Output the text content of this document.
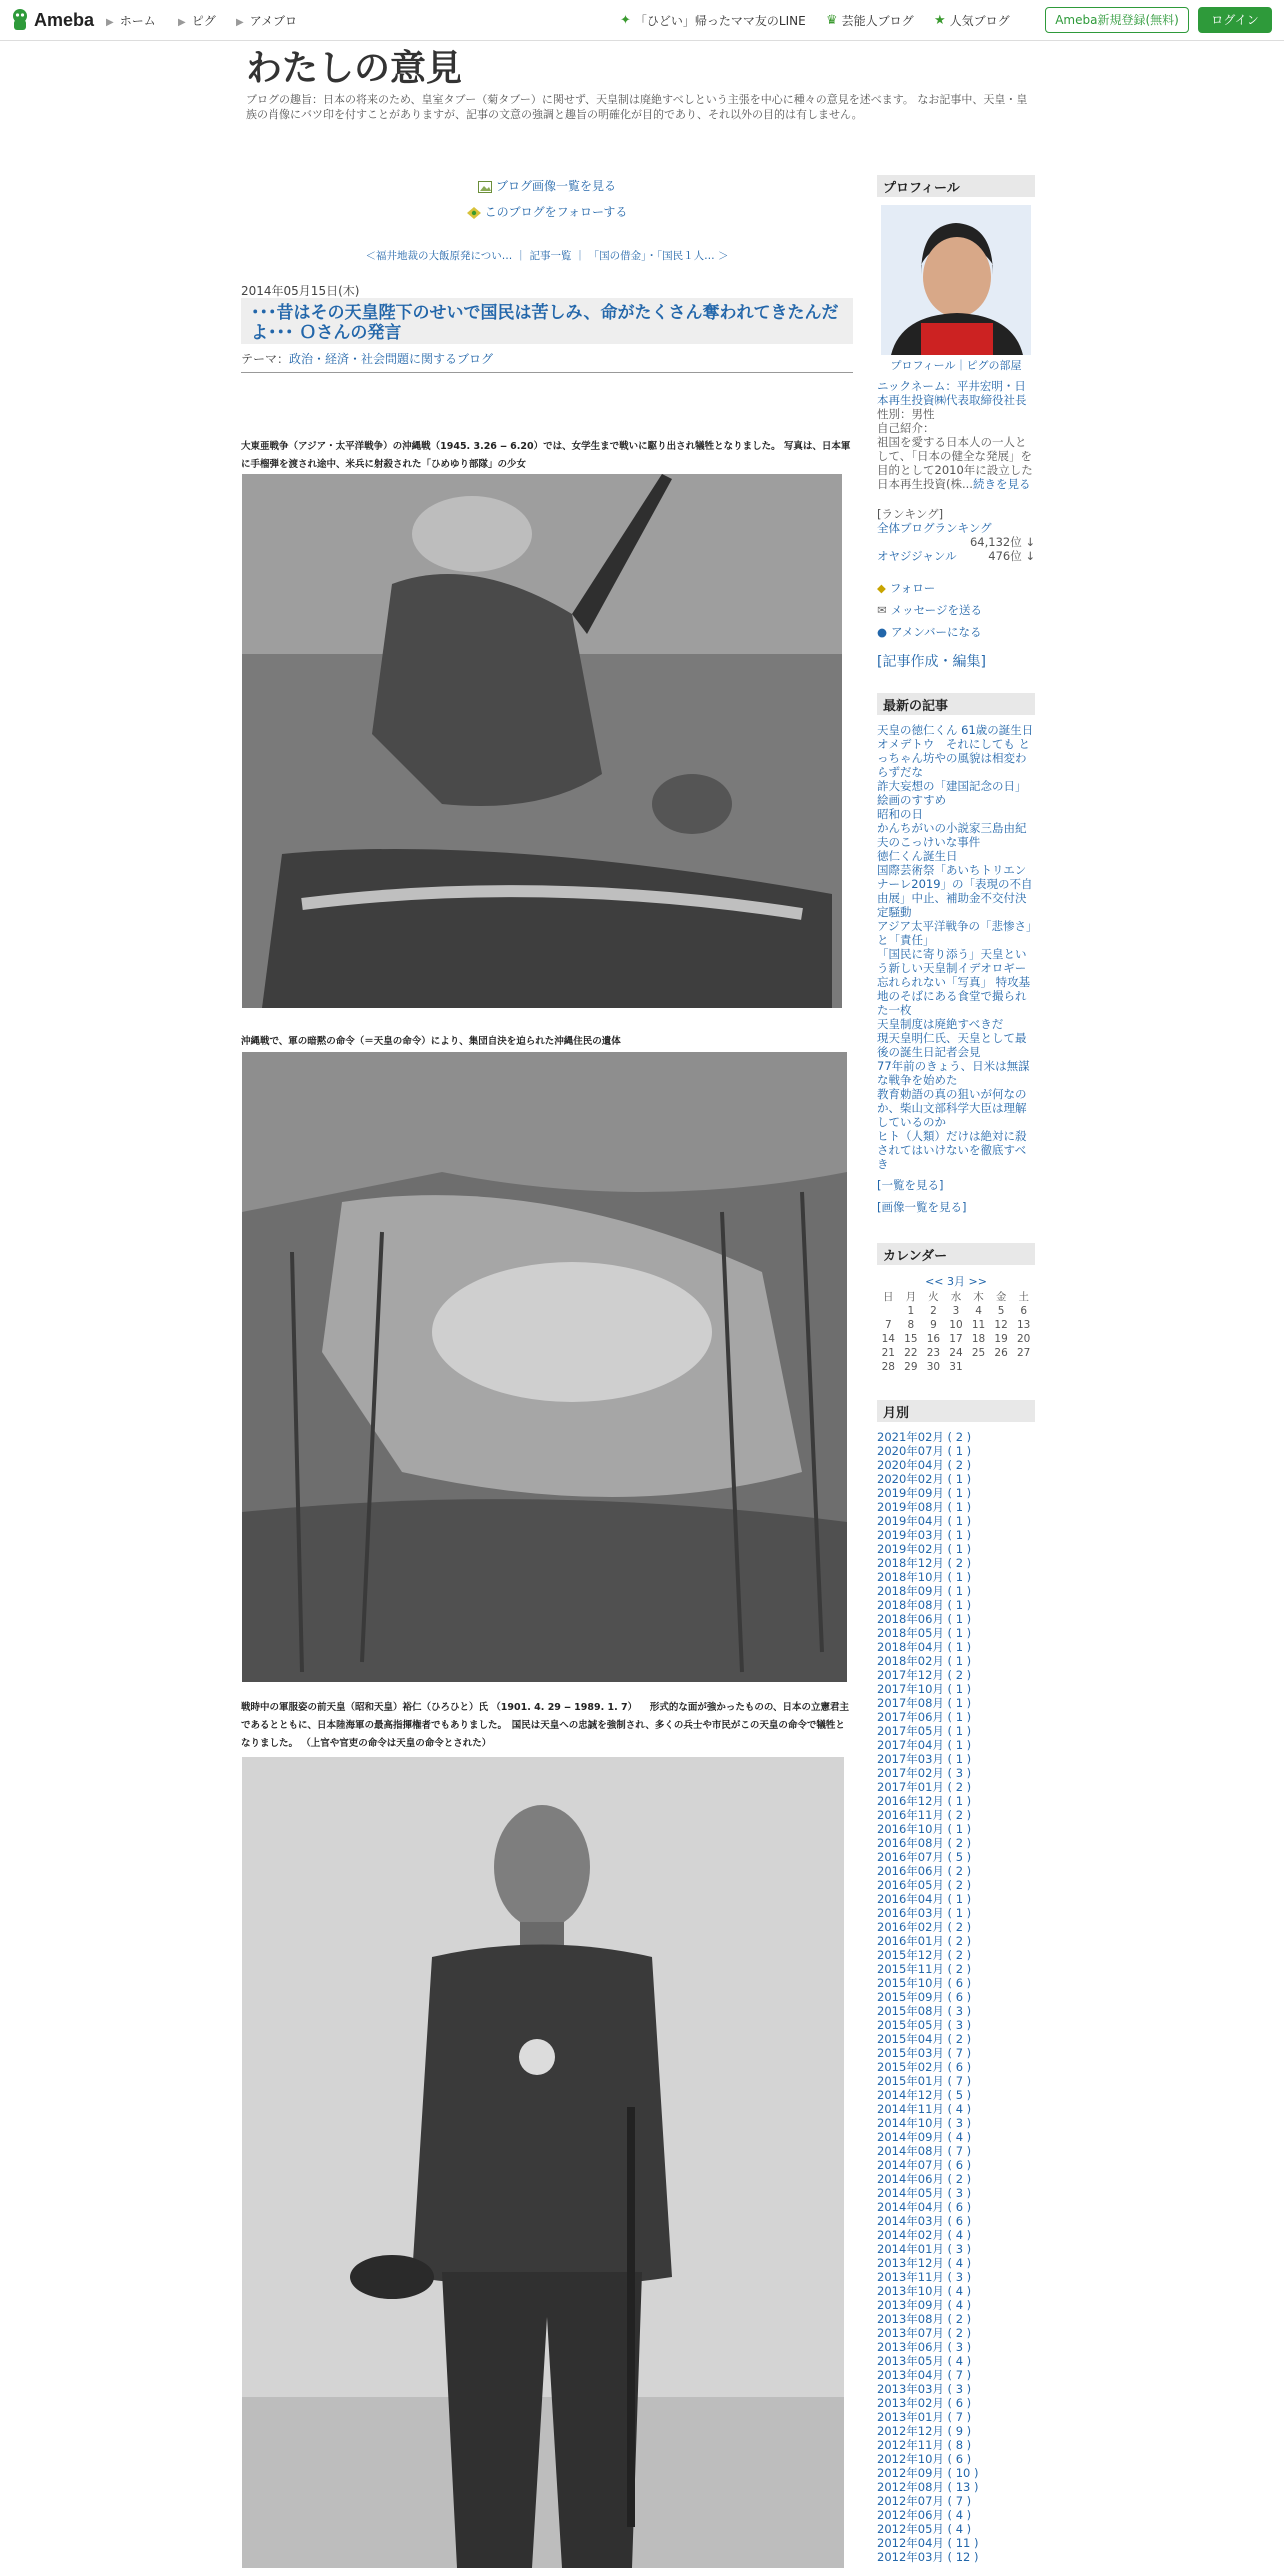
Ameba ▶ ホーム ▶ ピグ ▶ アメブロ	✦ 「ひどい」帰ったママ友のLINE ♛ 芸能人ブログ ★ 人気ブログ	Ameba新規登録(無料)	ログイン
わたしの意見
ブログの趣旨：日本の将来のため、皇室タブー（菊タブー）に関せず、天皇制は廃絶すべしという主張を中心に種々の意見を述べます。 なお記事中、天皇・皇族の肖像にバツ印を付すことがありますが、記事の文意の強調と趣旨の明確化が目的であり、それ以外の目的は有しません。
ブログ画像一覧を見る
このブログをフォローする
＜福井地裁の大飯原発につい… ｜ 記事一覧 ｜ 「国の借金」・「国民１人… ＞
2014年05月15日(木)
･･･昔はその天皇陛下のせいで国民は苦しみ、命がたくさん奪われてきたんだよ･･･ Ｏさんの発言
テーマ：政治・経済・社会問題に関するブログ
大東亜戦争（アジア・太平洋戦争）の沖縄戦（1945. 3.26 ‒ 6.20）では、女学生まで戦いに駆り出され犠牲となりました。 写真は、日本軍に手榴弾を渡され途中、米兵に射殺された「ひめゆり部隊」の少女
沖縄戦で、軍の暗黙の命令（＝天皇の命令）により、集団自決を迫られた沖縄住民の遺体
戦時中の軍服姿の前天皇（昭和天皇）裕仁（ひろひと）氏 （1901. 4. 29 ‒ 1989. 1. 7） 　形式的な面が強かったものの、日本の立憲君主であるとともに、日本陸海軍の最高指揮権者でもありました。　国民は天皇への忠誠を強制され、多くの兵士や市民がこの天皇の命令で犠牲となりました。 （上官や官吏の命令は天皇の命令とされた）
プロフィール
プロフィール｜ピグの部屋
ニックネーム：平井宏明・日本再生投資㈱代表取締役社長
性別：男性
自己紹介：
祖国を愛する日本人の一人として、「日本の健全な発展」を目的として2010年に設立した日本再生投資(株...続きを見る
[ランキング]
全体ブログランキング
64,132位 ↓
オヤジジャンル	476位 ↓
◆ フォロー
✉ メッセージを送る
● アメンバーになる
[記事作成・編集]
最新の記事
天皇の徳仁くん 61歳の誕生日オメデトウ　それにしても とっちゃん坊やの風貌は相変わらずだな
詐大妄想の「建国記念の日」
絵画のすすめ
昭和の日
かんちがいの小説家三島由紀夫のこっけいな事件
徳仁くん誕生日
国際芸術祭「あいちトリエンナーレ2019」の「表現の不自由展」中止、補助金不交付決定騒動
アジア太平洋戦争の「悲惨さ」と「責任」
「国民に寄り添う」天皇という新しい天皇制イデオロギー
忘れられない「写真」 特攻基地のそばにある食堂で撮られた一枚
天皇制度は廃絶すべきだ
現天皇明仁氏、天皇として最後の誕生日記者会見
77年前のきょう、日米は無謀な戦争を始めた
教育勅語の真の狙いが何なのか、柴山文部科学大臣は理解しているのか
ヒト（人類）だけは絶対に殺されてはいけないを徹底すべき
[一覧を見る]
[画像一覧を見る]
カレンダー
<< 3月 >>
日	月	火	水	木	金	土
	1	2	3	4	5	6
7	8	9	10	11	12	13
14	15	16	17	18	19	20
21	22	23	24	25	26	27
28	29	30	31			
月別
2021年02月 ( 2 )
2020年07月 ( 1 )
2020年04月 ( 2 )
2020年02月 ( 1 )
2019年09月 ( 1 )
2019年08月 ( 1 )
2019年04月 ( 1 )
2019年03月 ( 1 )
2019年02月 ( 1 )
2018年12月 ( 2 )
2018年10月 ( 1 )
2018年09月 ( 1 )
2018年08月 ( 1 )
2018年06月 ( 1 )
2018年05月 ( 1 )
2018年04月 ( 1 )
2018年02月 ( 1 )
2017年12月 ( 2 )
2017年10月 ( 1 )
2017年08月 ( 1 )
2017年06月 ( 1 )
2017年05月 ( 1 )
2017年04月 ( 1 )
2017年03月 ( 1 )
2017年02月 ( 3 )
2017年01月 ( 2 )
2016年12月 ( 1 )
2016年11月 ( 2 )
2016年10月 ( 1 )
2016年08月 ( 2 )
2016年07月 ( 5 )
2016年06月 ( 2 )
2016年05月 ( 2 )
2016年04月 ( 1 )
2016年03月 ( 1 )
2016年02月 ( 2 )
2016年01月 ( 2 )
2015年12月 ( 2 )
2015年11月 ( 2 )
2015年10月 ( 6 )
2015年09月 ( 6 )
2015年08月 ( 3 )
2015年05月 ( 3 )
2015年04月 ( 2 )
2015年03月 ( 7 )
2015年02月 ( 6 )
2015年01月 ( 7 )
2014年12月 ( 5 )
2014年11月 ( 4 )
2014年10月 ( 3 )
2014年09月 ( 4 )
2014年08月 ( 7 )
2014年07月 ( 6 )
2014年06月 ( 2 )
2014年05月 ( 3 )
2014年04月 ( 6 )
2014年03月 ( 6 )
2014年02月 ( 4 )
2014年01月 ( 3 )
2013年12月 ( 4 )
2013年11月 ( 3 )
2013年10月 ( 4 )
2013年09月 ( 4 )
2013年08月 ( 2 )
2013年07月 ( 2 )
2013年06月 ( 3 )
2013年05月 ( 4 )
2013年04月 ( 7 )
2013年03月 ( 3 )
2013年02月 ( 6 )
2013年01月 ( 7 )
2012年12月 ( 9 )
2012年11月 ( 8 )
2012年10月 ( 6 )
2012年09月 ( 10 )
2012年08月 ( 13 )
2012年07月 ( 7 )
2012年06月 ( 4 )
2012年05月 ( 4 )
2012年04月 ( 11 )
2012年03月 ( 12 )
